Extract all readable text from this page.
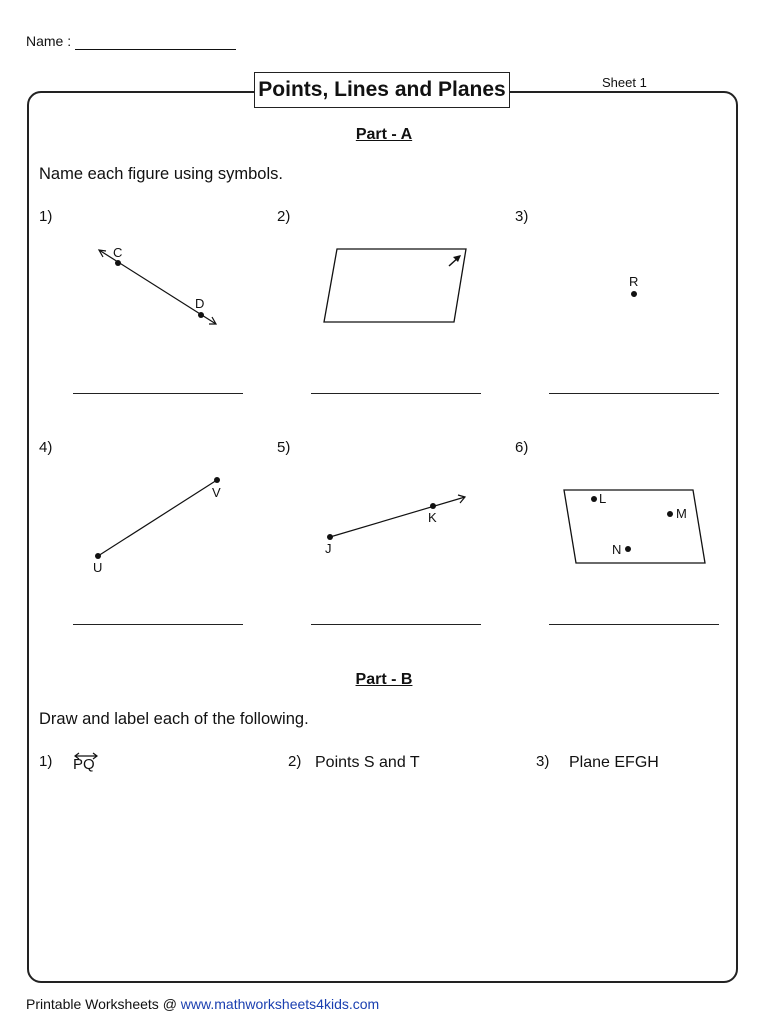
Name :
Points, Lines and Planes	Sheet 1
Part - A
Name each figure using symbols.
1)	2)	3)
4)	5)	6)
C
D
R
V
U
J
K
L
M
N
Part - B
Draw and label each of the following.
1) PQ	2) Points S and T	3) Plane EFGH
Printable Worksheets @ www.mathworksheets4kids.com
